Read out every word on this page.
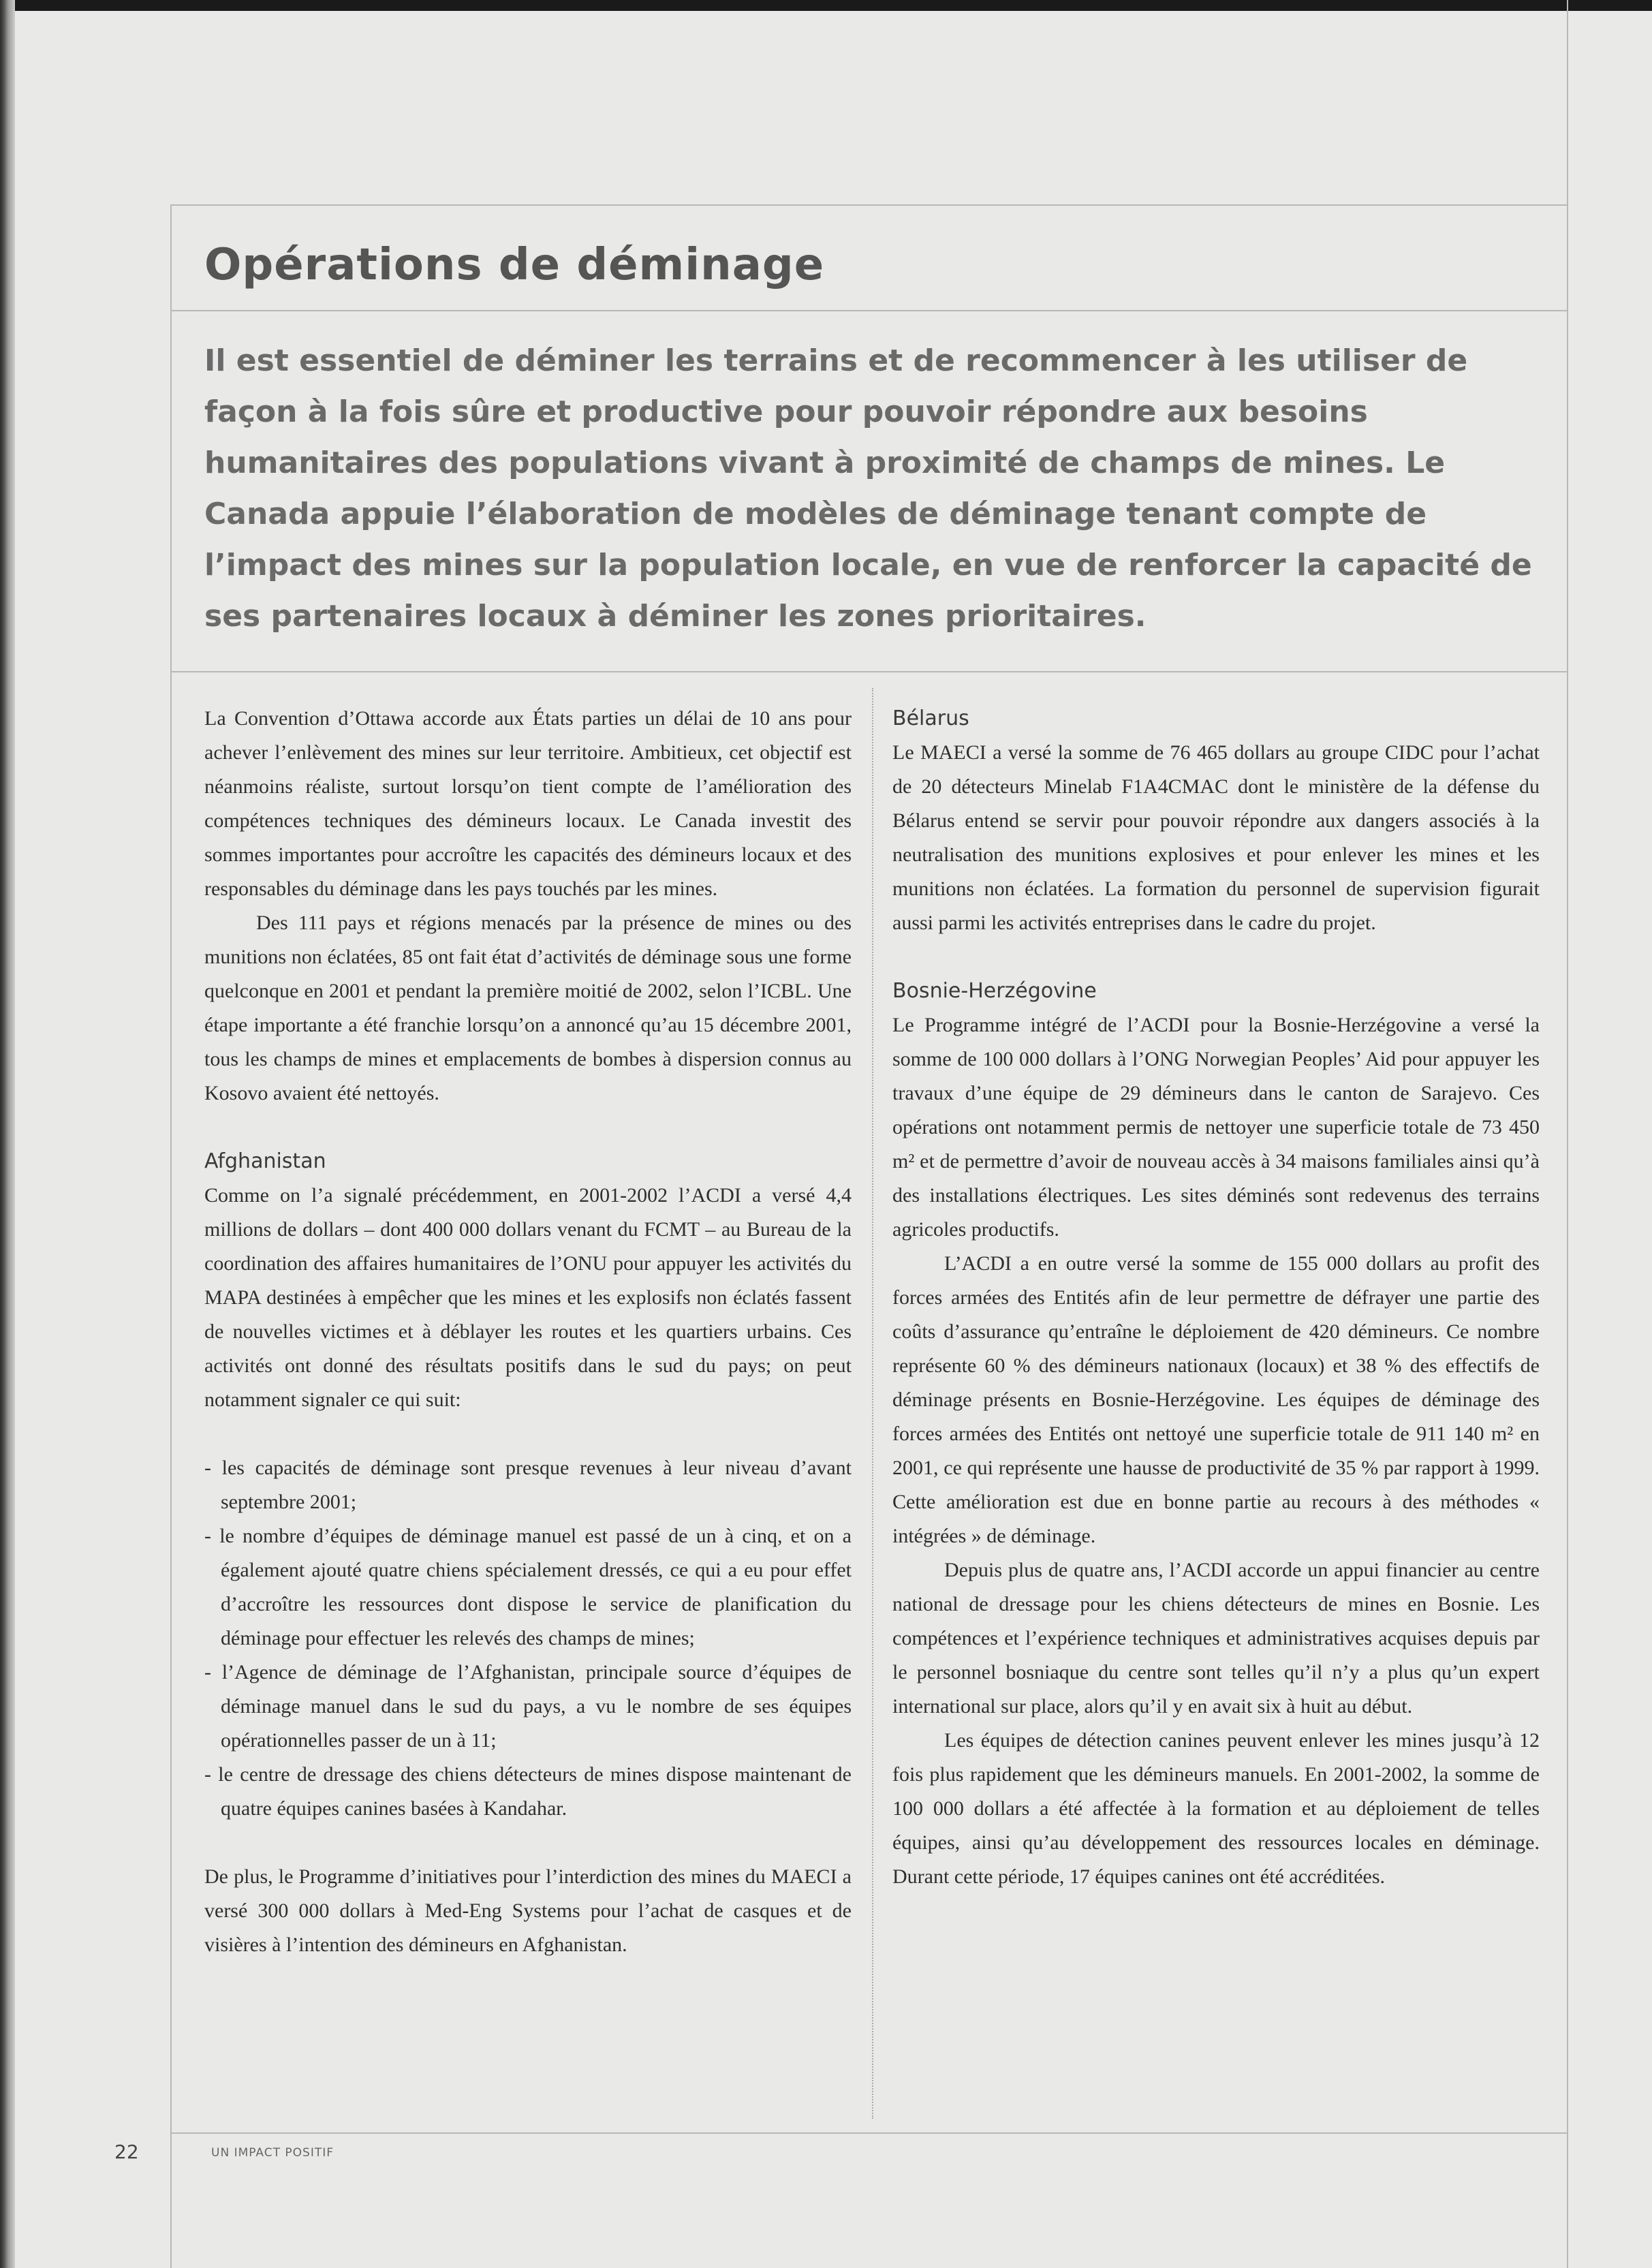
Opérations de déminage

Il est essentiel de déminer les terrains et de recommencer à les utiliser de façon à la fois sûre et productive pour pouvoir répondre aux besoins humanitaires des populations vivant à proximité de champs de mines. Le Canada appuie l’élaboration de modèles de déminage tenant compte de l’impact des mines sur la population locale, en vue de renforcer la capacité de ses partenaires locaux à déminer les zones prioritaires.

La Convention d’Ottawa accorde aux États parties un délai de 10 ans pour achever l’enlèvement des mines sur leur territoire. Ambitieux, cet objectif est néanmoins réaliste, surtout lorsqu’on tient compte de l’amélioration des compétences techniques des démineurs locaux. Le Canada investit des sommes importantes pour accroître les capacités des démineurs locaux et des responsables du déminage dans les pays touchés par les mines.

Des 111 pays et régions menacés par la présence de mines ou des munitions non éclatées, 85 ont fait état d’activités de déminage sous une forme quelconque en 2001 et pendant la première moitié de 2002, selon l’ICBL. Une étape importante a été franchie lorsqu’on a annoncé qu’au 15 décembre 2001, tous les champs de mines et emplacements de bombes à dispersion connus au Kosovo avaient été nettoyés.

Afghanistan

Comme on l’a signalé précédemment, en 2001-2002 l’ACDI a versé 4,4 millions de dollars – dont 400 000 dollars venant du FCMT – au Bureau de la coordination des affaires humanitaires de l’ONU pour appuyer les activités du MAPA destinées à empêcher que les mines et les explosifs non éclatés fassent de nouvelles victimes et à déblayer les routes et les quartiers urbains. Ces activités ont donné des résultats positifs dans le sud du pays; on peut notamment signaler ce qui suit:

- les capacités de déminage sont presque revenues à leur niveau d’avant septembre 2001;
- le nombre d’équipes de déminage manuel est passé de un à cinq, et on a également ajouté quatre chiens spécialement dressés, ce qui a eu pour effet d’accroître les ressources dont dispose le service de planification du déminage pour effectuer les relevés des champs de mines;
- l’Agence de déminage de l’Afghanistan, principale source d’équipes de déminage manuel dans le sud du pays, a vu le nombre de ses équipes opérationnelles passer de un à 11;
- le centre de dressage des chiens détecteurs de mines dispose maintenant de quatre équipes canines basées à Kandahar.

De plus, le Programme d’initiatives pour l’interdiction des mines du MAECI a versé 300 000 dollars à Med-Eng Systems pour l’achat de casques et de visières à l’intention des démineurs en Afghanistan.

Bélarus

Le MAECI a versé la somme de 76 465 dollars au groupe CIDC pour l’achat de 20 détecteurs Minelab F1A4CMAC dont le ministère de la défense du Bélarus entend se servir pour pouvoir répondre aux dangers associés à la neutralisation des munitions explosives et pour enlever les mines et les munitions non éclatées. La formation du personnel de supervision figurait aussi parmi les activités entreprises dans le cadre du projet.

Bosnie-Herzégovine

Le Programme intégré de l’ACDI pour la Bosnie-Herzégovine a versé la somme de 100 000 dollars à l’ONG Norwegian Peoples’ Aid pour appuyer les travaux d’une équipe de 29 démineurs dans le canton de Sarajevo. Ces opérations ont notamment permis de nettoyer une superficie totale de 73 450 m² et de permettre d’avoir de nouveau accès à 34 maisons familiales ainsi qu’à des installations électriques. Les sites déminés sont redevenus des terrains agricoles productifs.

L’ACDI a en outre versé la somme de 155 000 dollars au profit des forces armées des Entités afin de leur permettre de défrayer une partie des coûts d’assurance qu’entraîne le déploiement de 420 démineurs. Ce nombre représente 60 % des démineurs nationaux (locaux) et 38 % des effectifs de déminage présents en Bosnie-Herzégovine. Les équipes de déminage des forces armées des Entités ont nettoyé une superficie totale de 911 140 m² en 2001, ce qui représente une hausse de productivité de 35 % par rapport à 1999. Cette amélioration est due en bonne partie au recours à des méthodes « intégrées » de déminage.

Depuis plus de quatre ans, l’ACDI accorde un appui financier au centre national de dressage pour les chiens détecteurs de mines en Bosnie. Les compétences et l’expérience techniques et administratives acquises depuis par le personnel bosniaque du centre sont telles qu’il n’y a plus qu’un expert international sur place, alors qu’il y en avait six à huit au début.

Les équipes de détection canines peuvent enlever les mines jusqu’à 12 fois plus rapidement que les démineurs manuels. En 2001-2002, la somme de 100 000 dollars a été affectée à la formation et au déploiement de telles équipes, ainsi qu’au développement des ressources locales en déminage. Durant cette période, 17 équipes canines ont été accréditées.

22	UN IMPACT POSITIF
